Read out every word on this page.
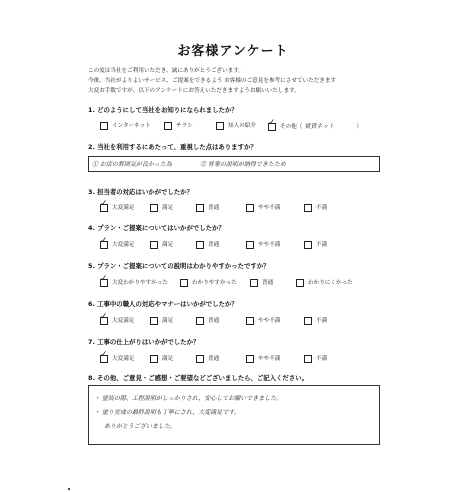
お客様アンケート
この度は当社をご利用いただき、誠にありがとうございます。
今後、当社がよりよいサービス、ご提案をできるよう お客様のご意見を参考にさせていただきます
大変お手数ですが、以下のアンケートにお答えいただきますようお願いいたします。
1. どのようにして当社をお知りになられましたか？
インターネット	チラシ	知人の紹介
✓	その他（ 賃貸ネット	）
2. 当社を利用するにあたって、重視した点はありますか？
① お店の雰囲気が良かった為	② 営業の説明が納得できたため
3. 担当者の対応はいかがでしたか？
✓大変満足	満足	普通	やや不満	不満
4. プラン・ご提案についてはいかがでしたか？
✓大変満足	満足	普通	やや不満	不満
5. プラン・ご提案についての説明はわかりやすかったですか？
✓大変わかりやすかった	わかりやすかった	普通	わかりにくかった
6. 工事中の職人の対応やマナーはいかがでしたか？
✓大変満足	満足	普通	やや不満	不満
7. 工事の仕上がりはいかがでしたか？
✓大変満足	満足	普通	やや不満	不満
8. その他、ご意見・ご感想・ご要望などございましたら、ご記入ください。
・ 塗装の際、工程説明がしっかりされ、安心してお願いできました。
・ 塗り完成の最終説明も丁寧にされ、大変満足です。
ありがとうございました。
